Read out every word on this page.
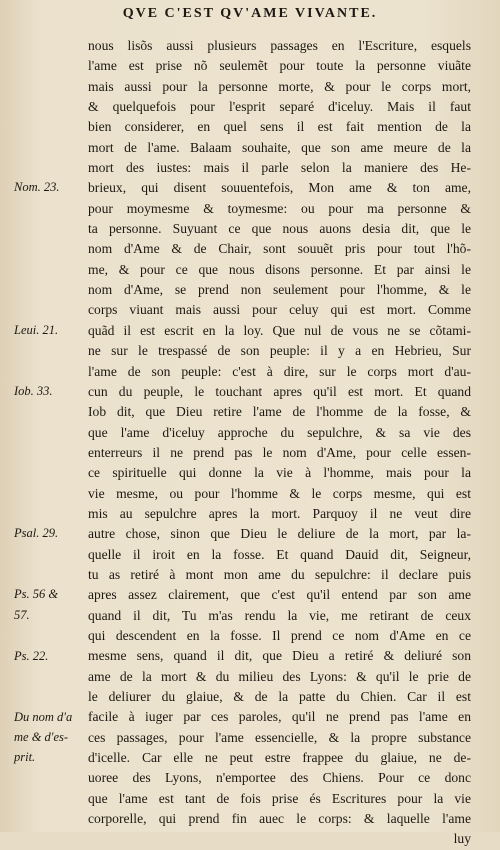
QVE C'EST QV'AME VIVANTE.
nous lisõs aussi plusieurs passages en l'Escriture, esquels
l'ame est prise nõ seulemẽt pour toute la personne viuãte
mais aussi pour la personne morte, & pour le corps mort,
& quelquefois pour l'esprit separé d'iceluy. Mais il faut
bien considerer, en quel sens il est fait mention de la
mort de l'ame. Balaam souhaite, que son ame meure de la
mort des iustes: mais il parle selon la maniere des He-
brieux, qui disent souuentefois, Mon ame & ton ame,
pour moymesme & toymesme: ou pour ma personne &
ta personne. Suyuant ce que nous auons desia dit, que le
nom d'Ame & de Chair, sont souuẽt pris pour tout l'hõ-
me, & pour ce que nous disons personne. Et par ainsi le
nom d'Ame, se prend non seulement pour l'homme, & le
corps viuant mais aussi pour celuy qui est mort. Comme
quãd il est escrit en la loy. Que nul de vous ne se cõtami-
ne sur le trespassé de son peuple: il y a en Hebrieu, Sur
l'ame de son peuple: c'est à dire, sur le corps mort d'au-
cun du peuple, le touchant apres qu'il est mort. Et quand
Iob dit, que Dieu retire l'ame de l'homme de la fosse, &
que l'ame d'iceluy approche du sepulchre, & sa vie des
enterreurs il ne prend pas le nom d'Ame, pour celle essen-
ce spirituelle qui donne la vie à l'homme, mais pour la
vie mesme, ou pour l'homme & le corps mesme, qui est
mis au sepulchre apres la mort. Parquoy il ne veut dire
autre chose, sinon que Dieu le deliure de la mort, par la-
quelle il iroit en la fosse. Et quand Dauid dit, Seigneur,
tu as retiré à mont mon ame du sepulchre: il declare puis
apres assez clairement, que c'est qu'il entend par son ame
quand il dit, Tu m'as rendu la vie, me retirant de ceux
qui descendent en la fosse. Il prend ce nom d'Ame en ce
mesme sens, quand il dit, que Dieu a retiré & deliuré son
ame de la mort & du milieu des Lyons: & qu'il le prie de
le deliurer du glaiue, & de la patte du Chien. Car il est
facile à iuger par ces paroles, qu'il ne prend pas l'ame en
ces passages, pour l'ame essencielle, & la propre substance
d'icelle. Car elle ne peut estre frappee du glaiue, ne de-
uoree des Lyons, n'emportee des Chiens. Pour ce donc
que l'ame est tant de fois prise és Escritures pour la vie
corporelle, qui prend fin auec le corps: & laquelle l'ame
luy
Nom. 23.
Leui. 21.
Iob. 33.
Psal. 29.
Ps. 56 &
57.
Ps. 22.
Du nom d'a
me & d'es-
prit.
